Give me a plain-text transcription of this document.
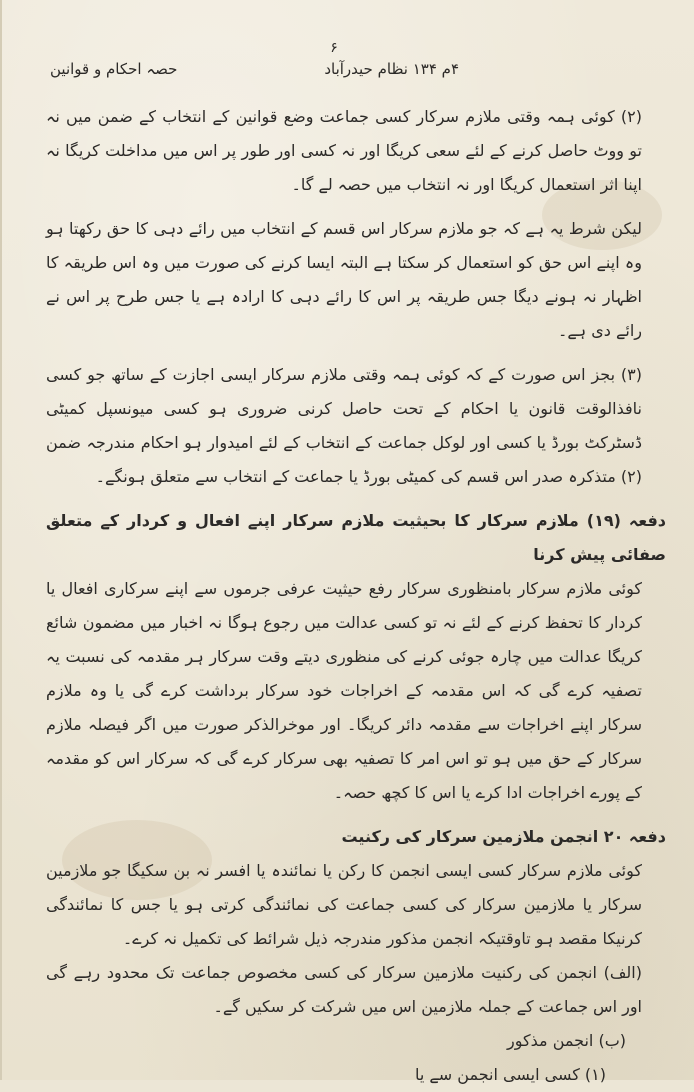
۶
۴م ۱۳۴ نظام حیدرآباد
حصہ احکام و قوانین

(۲) کوئی ہمہ وقتی ملازم سرکار کسی جماعت وضع قوانین کے انتخاب کے ضمن میں نہ تو ووٹ حاصل کرنے کے لئے سعی کریگا اور نہ کسی اور طور پر اس میں مداخلت کریگا نہ اپنا اثر استعمال کریگا اور نہ انتخاب میں حصہ لے گا۔

لیکن شرط یہ ہے کہ جو ملازم سرکار اس قسم کے انتخاب میں رائے دہی کا حق رکھتا ہو وہ اپنے اس حق کو استعمال کر سکتا ہے البتہ ایسا کرنے کی صورت میں وہ اس طریقہ کا اظہار نہ ہونے دیگا جس طریقہ پر اس کا رائے دہی کا ارادہ ہے یا جس طرح پر اس نے رائے دی ہے۔

(۳) بجز اس صورت کے کہ کوئی ہمہ وقتی ملازم سرکار ایسی اجازت کے ساتھ جو کسی نافذالوقت قانون یا احکام کے تحت حاصل کرنی ضروری ہو کسی میونسپل کمیٹی ڈسٹرکٹ بورڈ یا کسی اور لوکل جماعت کے انتخاب کے لئے امیدوار ہو احکام مندرجہ ضمن (۲) متذکرہ صدر اس قسم کی کمیٹی بورڈ یا جماعت کے انتخاب سے متعلق ہونگے۔

دفعہ (۱۹) ملازم سرکار کا بحیثیت ملازم سرکار اپنے افعال و کردار کے متعلق صفائی پیش کرنا

کوئی ملازم سرکار بامنظوری سرکار رفع حیثیت عرفی جرموں سے اپنے سرکاری افعال یا کردار کا تحفظ کرنے کے لئے نہ تو کسی عدالت میں رجوع ہوگا نہ اخبار میں مضمون شائع کریگا عدالت میں چارہ جوئی کرنے کی منظوری دیتے وقت سرکار ہر مقدمہ کی نسبت یہ تصفیہ کرے گی کہ اس مقدمہ کے اخراجات خود سرکار برداشت کرے گی یا وہ ملازم سرکار اپنے اخراجات سے مقدمہ دائر کریگا۔ اور موخرالذکر صورت میں اگر فیصلہ ملازم سرکار کے حق میں ہو تو اس امر کا تصفیہ بھی سرکار کرے گی کہ سرکار اس کو مقدمہ کے پورے اخراجات ادا کرے یا اس کا کچھ حصہ۔

دفعہ ۲۰ انجمن ملازمین سرکار کی رکنیت

کوئی ملازم سرکار کسی ایسی انجمن کا رکن یا نمائندہ یا افسر نہ بن سکیگا جو ملازمین سرکار یا ملازمین سرکار کی کسی جماعت کی نمائندگی کرتی ہو یا جس کا نمائندگی کرنیکا مقصد ہو تاوقتیکہ انجمن مذکور مندرجہ ذیل شرائط کی تکمیل نہ کرے۔

(الف) انجمن کی رکنیت ملازمین سرکار کی کسی مخصوص جماعت تک محدود رہے گی اور اس جماعت کے جملہ ملازمین اس میں شرکت کر سکیں گے۔

(ب) انجمن مذکور

(۱) کسی ایسی انجمن سے یا
